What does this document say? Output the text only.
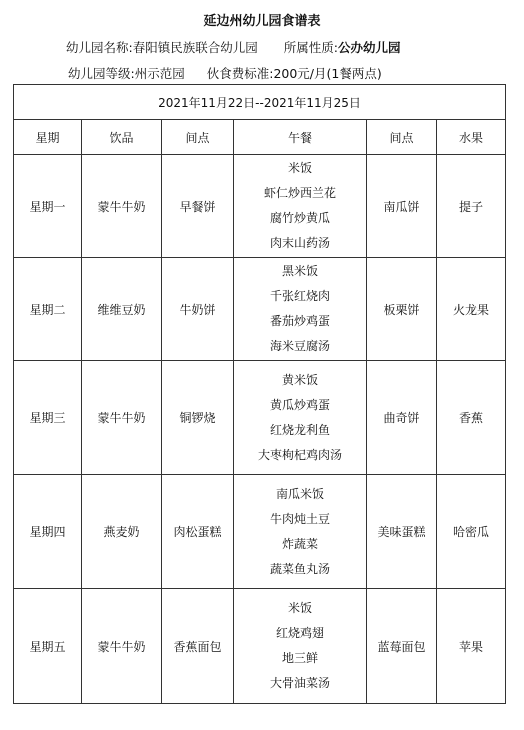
延边州幼儿园食谱表
幼儿园名称:春阳镇民族联合幼儿园 所属性质:公办幼儿园
幼儿园等级:州示范园 伙食费标准:200元/月(1餐两点)
2021年11月22日--2021年11月25日					
星期	饮品	间点	午餐	间点	水果
星期一	蒙牛牛奶	早餐饼	米饭
虾仁炒西兰花
腐竹炒黄瓜
肉末山药汤	南瓜饼	提子
星期二	维维豆奶	牛奶饼	黑米饭
千张红烧肉
番茄炒鸡蛋
海米豆腐汤	板栗饼	火龙果
星期三	蒙牛牛奶	铜锣烧	黄米饭
黄瓜炒鸡蛋
红烧龙利鱼
大枣枸杞鸡肉汤	曲奇饼	香蕉
星期四	燕麦奶	肉松蛋糕	南瓜米饭
牛肉炖土豆
炸蔬菜
蔬菜鱼丸汤	美味蛋糕	哈密瓜
星期五	蒙牛牛奶	香蕉面包	米饭
红烧鸡翅
地三鲜
大骨油菜汤	蓝莓面包	苹果
